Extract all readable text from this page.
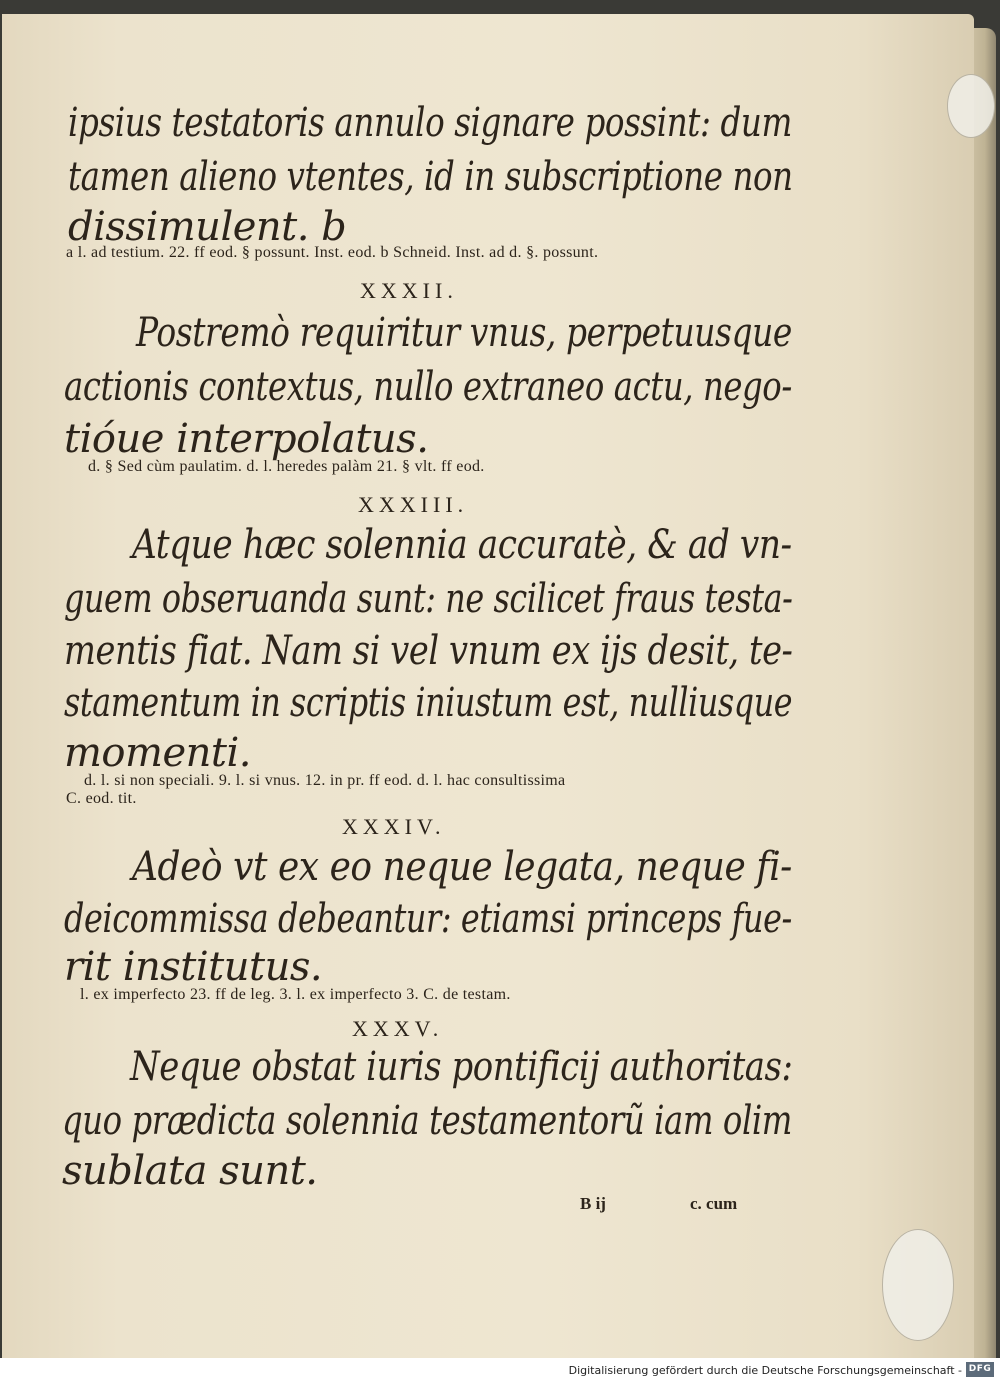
ipsius testatoris annulo signare possint: dum
tamen alieno vtentes, id in subscriptione non
dissimulent. b
a l. ad testium. 22. ff eod. § possunt. Inst. eod. b Schneid. Inst. ad d. §. possunt.
XXXII.
Postremò requiritur vnus, perpetuusque
actionis contextus, nullo extraneo actu, nego-
tióue interpolatus.
d. § Sed cùm paulatim. d. l. heredes palàm 21. § vlt. ff eod.
XXXIII.
Atque hæc solennia accuratè, & ad vn-
guem obseruanda sunt: ne scilicet fraus testa-
mentis fiat. Nam si vel vnum ex ijs desit, te-
stamentum in scriptis iniustum est, nulliusque
momenti.
d. l. si non speciali. 9. l. si vnus. 12. in pr. ff eod. d. l. hac consultissima
C. eod. tit.
XXXIV.
Adeò vt ex eo neque legata, neque fi-
deicommissa debeantur: etiamsi princeps fue-
rit institutus.
l. ex imperfecto 23. ff de leg. 3. l. ex imperfecto 3. C. de testam.
XXXV.
Neque obstat iuris pontificij authoritas:
quo prædicta solennia testamentorũ iam olim
sublata sunt.
B ij	c. cum
Digitalisierung gefördert durch die Deutsche Forschungsgemeinschaft - DFG
